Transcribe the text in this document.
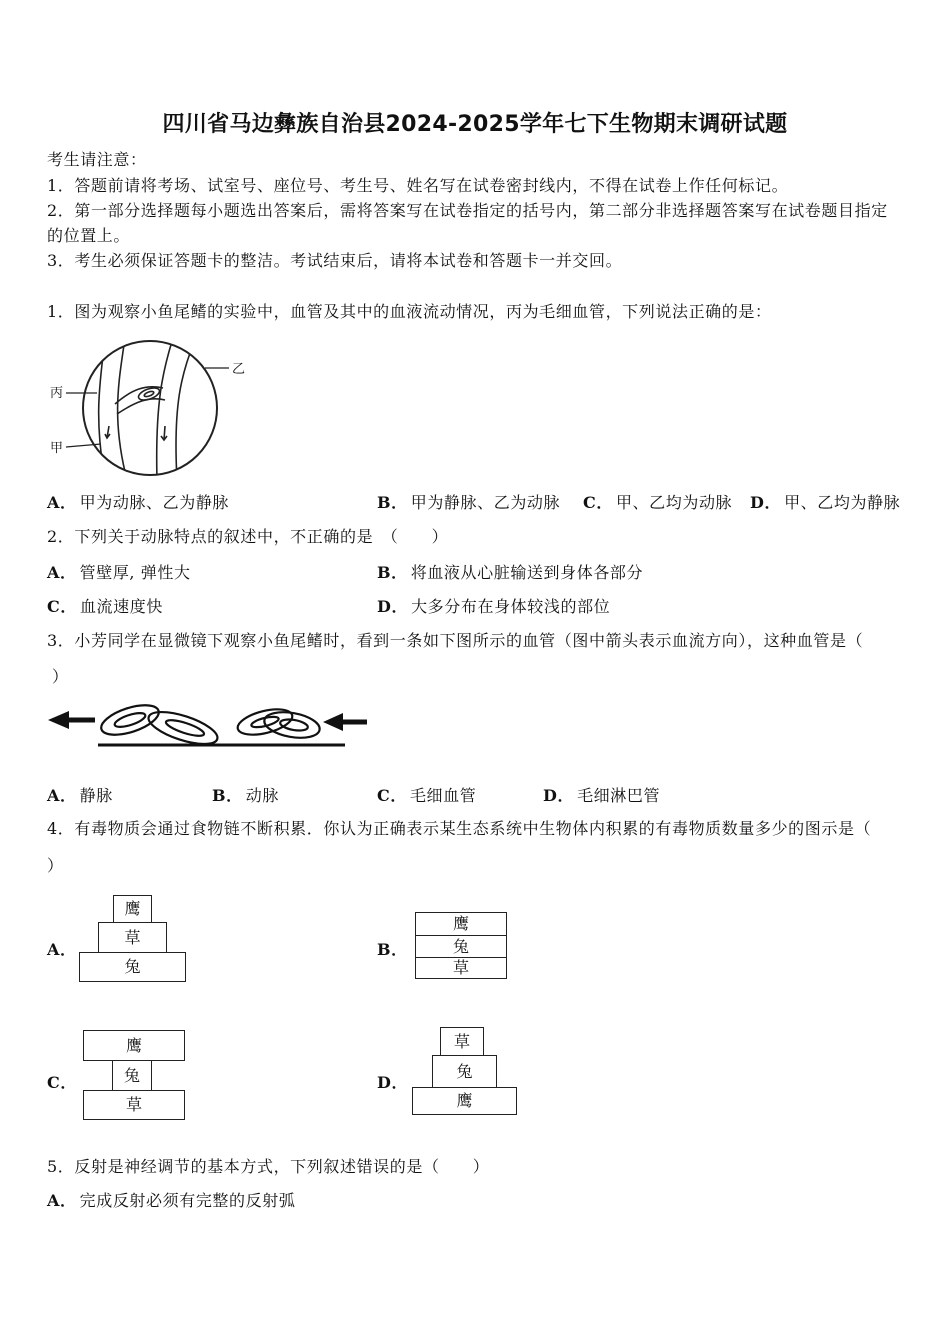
四川省马边彝族自治县2024-2025学年七下生物期末调研试题
考生请注意：
1．答题前请将考场、试室号、座位号、考生号、姓名写在试卷密封线内，不得在试卷上作任何标记。
2．第一部分选择题每小题选出答案后，需将答案写在试卷指定的括号内，第二部分非选择题答案写在试卷题目指定
的位置上。
3．考生必须保证答题卡的整洁。考试结束后，请将本试卷和答题卡一并交回。
1．图为观察小鱼尾鳍的实验中，血管及其中的血液流动情况，丙为毛细血管，下列说法正确的是：
丙
甲
乙
A． 甲为动脉、乙为静脉	B． 甲为静脉、乙为动脉 C． 甲、乙均为动脉 D． 甲、乙均为静脉
2．下列关于动脉特点的叙述中，不正确的是　（　　）
A． 管壁厚, 弹性大	B． 将血液从心脏输送到身体各部分
C． 血流速度快	D． 大多分布在身体较浅的部位
3．小芳同学在显微镜下观察小鱼尾鳍时，看到一条如下图所示的血管（图中箭头表示血流方向），这种血管是（
）
A． 静脉	B． 动脉	C． 毛细血管	D． 毛细淋巴管
4．有毒物质会通过食物链不断积累．你认为正确表示某生态系统中生物体内积累的有毒物质数量多少的图示是（
）
A．
鹰
草
兔
B．
鹰
兔
草
C．
鹰
兔
草
D．
草
兔
鹰
5．反射是神经调节的基本方式，下列叙述错误的是（　　）
A． 完成反射必须有完整的反射弧
